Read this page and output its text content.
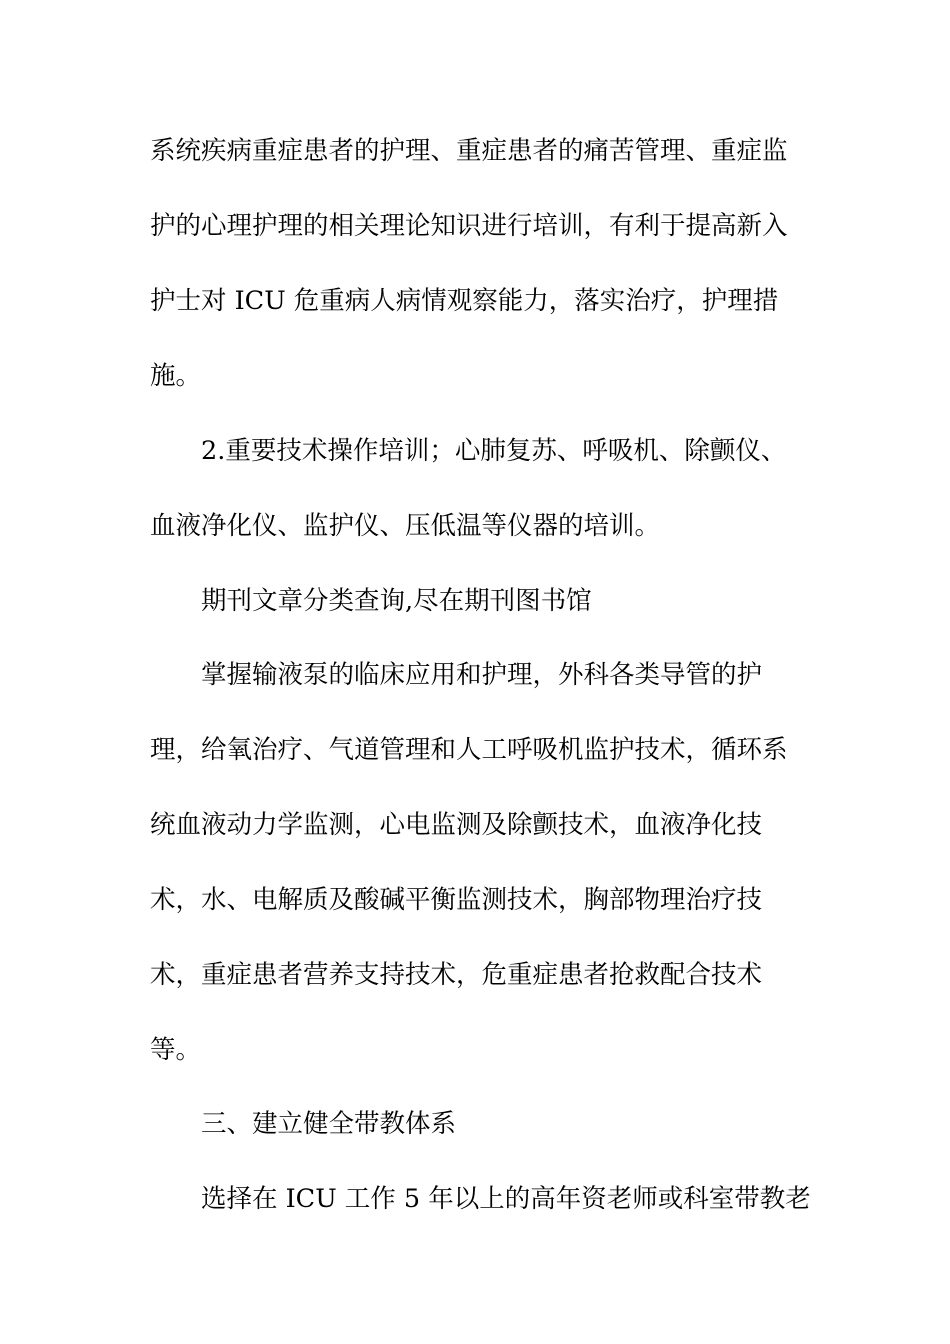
系统疾病重症患者的护理、重症患者的痛苦管理、重症监
护的心理护理的相关理论知识进行培训，有利于提高新入
护士对 ICU 危重病人病情观察能力，落实治疗，护理措
施。
2.重要技术操作培训；心肺复苏、呼吸机、除颤仪、
血液净化仪、监护仪、压低温等仪器的培训。
期刊文章分类查询,尽在期刊图书馆
掌握输液泵的临床应用和护理，外科各类导管的护
理，给氧治疗、气道管理和人工呼吸机监护技术，循环系
统血液动力学监测，心电监测及除颤技术，血液净化技
术，水、电解质及酸碱平衡监测技术，胸部物理治疗技
术，重症患者营养支持技术，危重症患者抢救配合技术
等。
三、建立健全带教体系
选择在 ICU 工作 5 年以上的高年资老师或科室带教老
